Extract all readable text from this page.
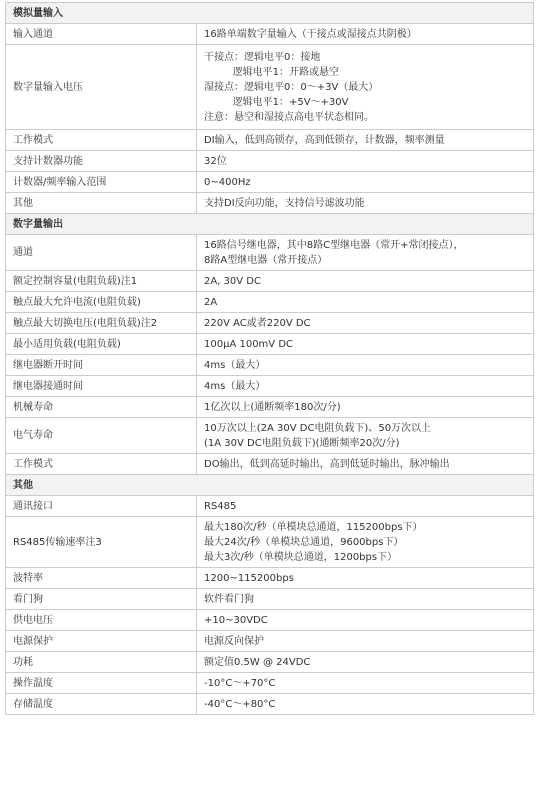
模拟量输入	
输入通道	16路单端数字量输入（干接点或湿接点共阴极）

数字量输入电压	干接点：逻辑电平0：接地
逻辑电平1：开路或悬空
湿接点：逻辑电平0：0～+3V（最大）
逻辑电平1：+5V～+30V
注意：悬空和湿接点高电平状态相同。

工作模式	DI输入，低到高锁存，高到低锁存，计数器，频率测量

支持计数器功能	32位

计数器/频率输入范围	0~400Hz

其他	支持DI反向功能，支持信号滤波功能

数字量输出	
通道	16路信号继电器，其中8路C型继电器（常开+常闭接点），
8路A型继电器（常开接点）

额定控制容量(电阻负载)注1	2A, 30V DC

触点最大允许电流(电阻负载)	2A

触点最大切换电压(电阻负载)注2	220V AC或者220V DC

最小适用负载(电阻负载)	100μA 100mV DC

继电器断开时间	4ms（最大）

继电器接通时间	4ms（最大）

机械寿命	1亿次以上(通断频率180次/分)

电气寿命	10万次以上(2A 30V DC电阻负载下)、50万次以上
(1A 30V DC电阻负载下)(通断频率20次/分)

工作模式	DO输出，低到高延时输出，高到低延时输出，脉冲输出

其他	
通讯接口	RS485

RS485传输速率注3	最大180次/秒（单模块总通道，115200bps下）
最大24次/秒（单模块总通道，9600bps下）
最大3次/秒（单模块总通道，1200bps下）

波特率	1200~115200bps

看门狗	软件看门狗

供电电压	+10~30VDC

电源保护	电源反向保护

功耗	额定值0.5W @ 24VDC

操作温度	-10°C～+70°C

存储温度	-40°C～+80°C
